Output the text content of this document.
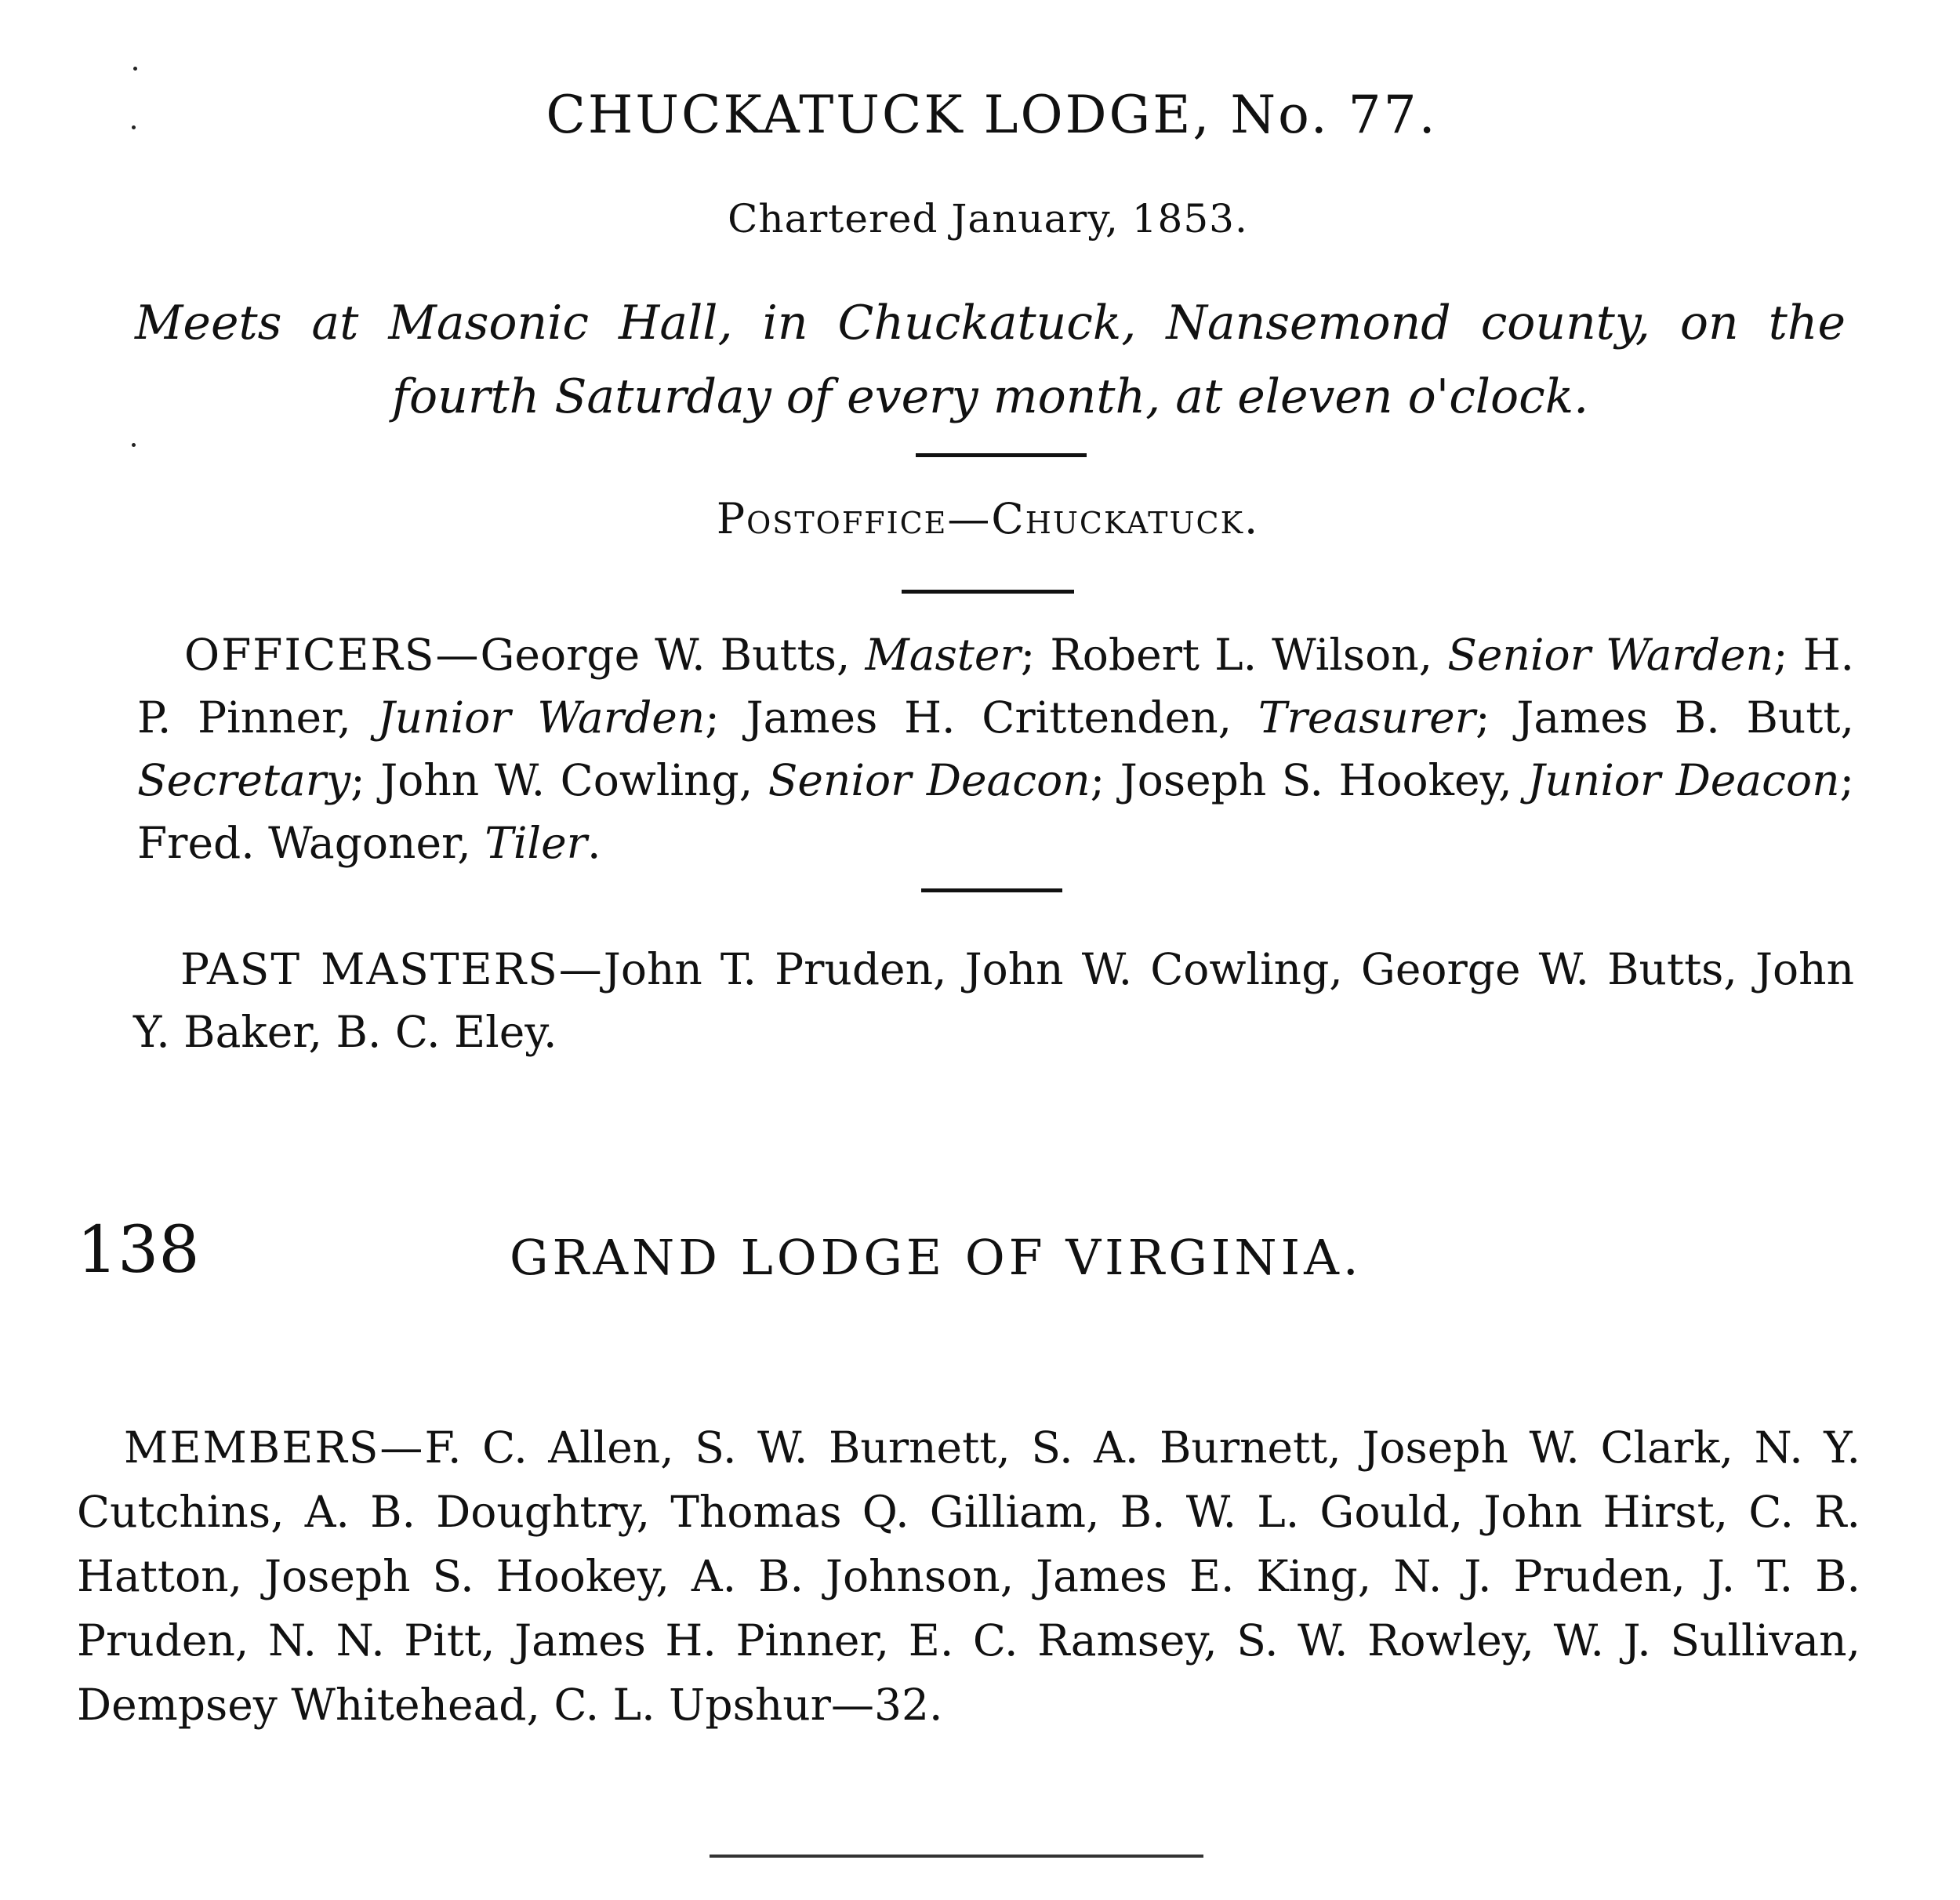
CHUCKATUCK LODGE, No. 77.
Chartered January, 1853.
Meets at Masonic Hall, in Chuckatuck, Nansemond county, on the
fourth Saturday of every month, at eleven o'clock.
Postoffice—Chuckatuck.
OFFICERS—George W. Butts, Master; Robert L. Wilson, Senior Warden; H. P. Pinner, Junior Warden; James H. Crittenden, Treasurer; James B. Butt, Secretary; John W. Cowling, Senior Deacon; Joseph S. Hookey, Junior Deacon; Fred. Wagoner, Tiler.
PAST MASTERS—John T. Pruden, John W. Cowling, George W. Butts, John Y. Baker, B. C. Eley.
138	GRAND LODGE OF VIRGINIA.
MEMBERS—F. C. Allen, S. W. Burnett, S. A. Burnett, Joseph W. Clark, N. Y. Cutchins, A. B. Doughtry, Thomas Q. Gilliam, B. W. L. Gould, John Hirst, C. R. Hatton, Joseph S. Hookey, A. B. Johnson, James E. King, N. J. Pruden, J. T. B. Pruden, N. N. Pitt, James H. Pinner, E. C. Ramsey, S. W. Rowley, W. J. Sullivan, Dempsey Whitehead, C. L. Upshur—32.
